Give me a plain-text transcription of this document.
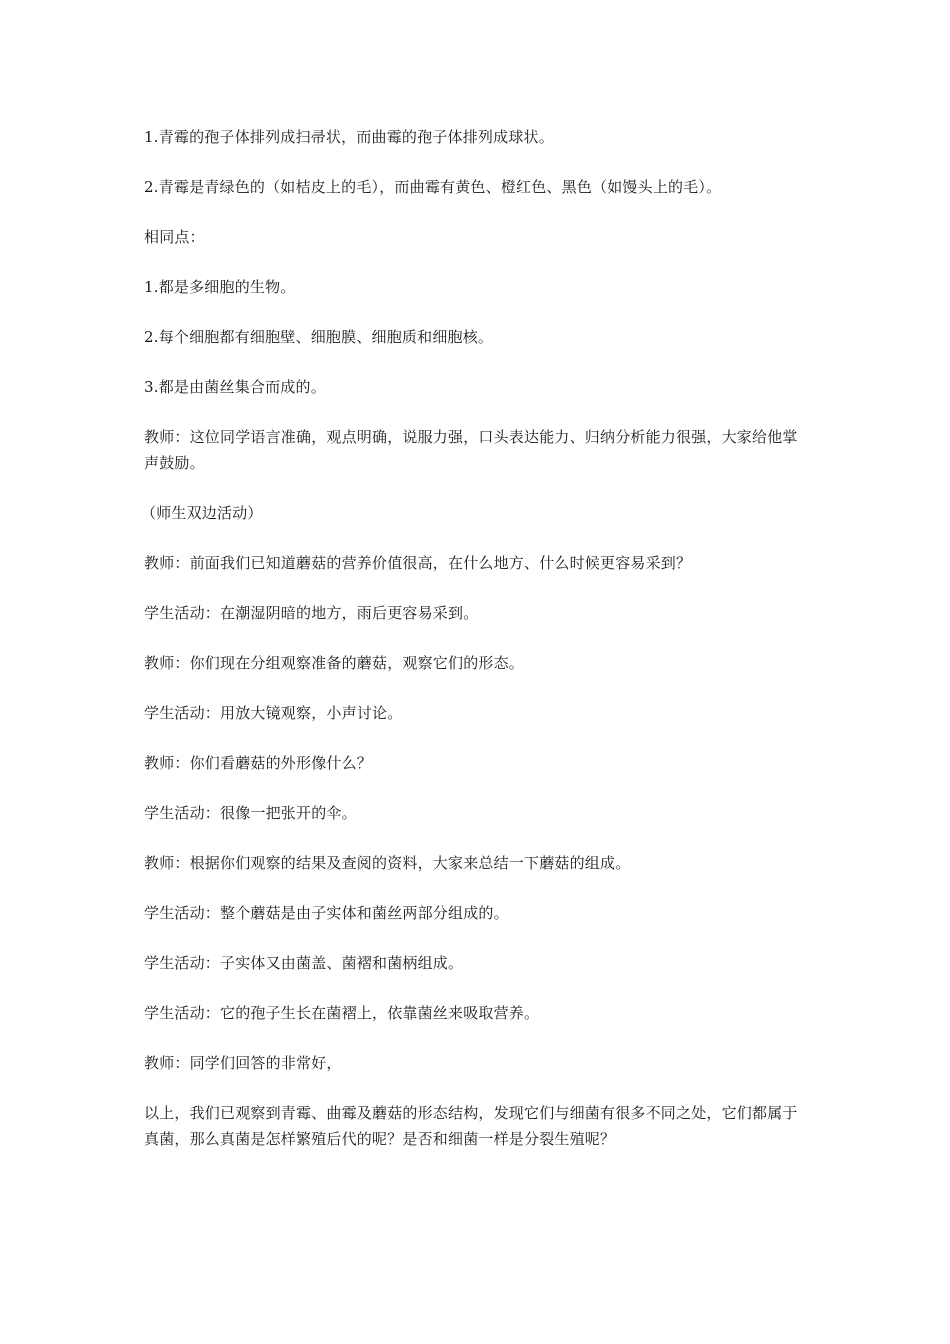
1.青霉的孢子体排列成扫帚状，而曲霉的孢子体排列成球状。

2.青霉是青绿色的（如桔皮上的毛），而曲霉有黄色、橙红色、黑色（如馒头上的毛）。

相同点：

1.都是多细胞的生物。

2.每个细胞都有细胞壁、细胞膜、细胞质和细胞核。

3.都是由菌丝集合而成的。

教师：这位同学语言准确，观点明确，说服力强，口头表达能力、归纳分析能力很强，大家给他掌声鼓励。

（师生双边活动）

教师：前面我们已知道蘑菇的营养价值很高，在什么地方、什么时候更容易采到？

学生活动：在潮湿阴暗的地方，雨后更容易采到。

教师：你们现在分组观察准备的蘑菇，观察它们的形态。

学生活动：用放大镜观察，小声讨论。

教师：你们看蘑菇的外形像什么？

学生活动：很像一把张开的伞。

教师：根据你们观察的结果及查阅的资料，大家来总结一下蘑菇的组成。

学生活动：整个蘑菇是由子实体和菌丝两部分组成的。

学生活动：子实体又由菌盖、菌褶和菌柄组成。

学生活动：它的孢子生长在菌褶上，依靠菌丝来吸取营养。

教师：同学们回答的非常好，

以上，我们已观察到青霉、曲霉及蘑菇的形态结构，发现它们与细菌有很多不同之处，它们都属于真菌，那么真菌是怎样繁殖后代的呢？是否和细菌一样是分裂生殖呢？
